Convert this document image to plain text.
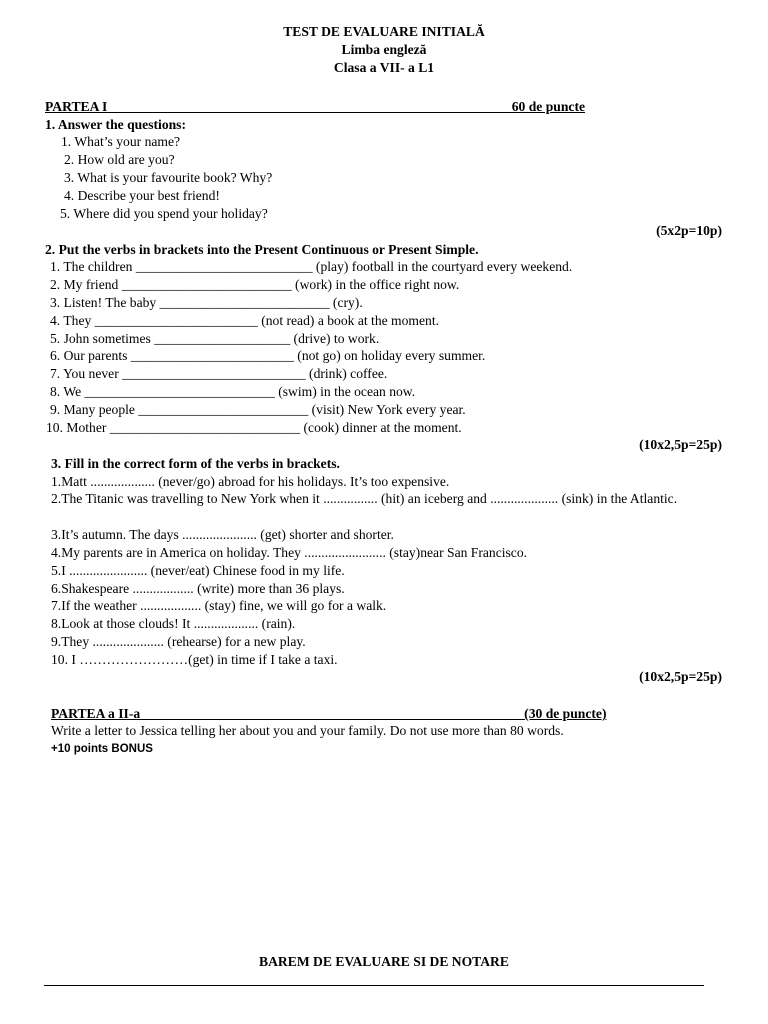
TEST DE EVALUARE INITIALĂ
Limba engleză
Clasa a VII- a L1
PARTEA I______________________________________________________ _____60 de puncte
1. Answer the questions:
1. What’s your name?
2. How old are you?
3. What is your favourite book? Why?
4. Describe your best friend!
5. Where did you spend your holiday?
(5x2p=10p)
2. Put the verbs in brackets into the Present Continuous or Present Simple.
1. The children __________________________ (play) football in the courtyard every weekend.
2. My friend _________________________ (work) in the office right now.
3. Listen! The baby _________________________ (cry).
4. They ________________________ (not read) a book at the moment.
5. John sometimes ____________________ (drive) to work.
6. Our parents ________________________ (not go) on holiday every summer.
7. You never ___________________________ (drink) coffee.
8. We ____________________________ (swim) in the ocean now.
9. Many people _________________________ (visit) New York every year.
10. Mother ____________________________ (cook) dinner at the moment.
(10x2,5p=25p)
3. Fill in the correct form of the verbs in brackets.
1.Matt ................... (never/go) abroad for his holidays. It’s too expensive.
2.The Titanic was travelling to New York when it ................ (hit) an iceberg and .................... (sink) in the Atlantic.
3.It’s autumn. The days ...................... (get) shorter and shorter.
4.My parents are in America on holiday. They ........................ (stay)near San Francisco.
5.I ....................... (never/eat) Chinese food in my life.
6.Shakespeare .................. (write) more than 36 plays.
7.If the weather .................. (stay) fine, we will go for a walk.
8.Look at those clouds! It ................... (rain).
9.They ..................... (rehearse) for a new play.
10. I ……………………(get) in time if I take a taxi.
(10x2,5p=25p)
PARTEA a II-a ________________________________________________________(30 de puncte)
Write a letter to Jessica telling her about you and your family. Do not use more than 80 words.
+10 points BONUS
BAREM DE EVALUARE SI DE NOTARE
